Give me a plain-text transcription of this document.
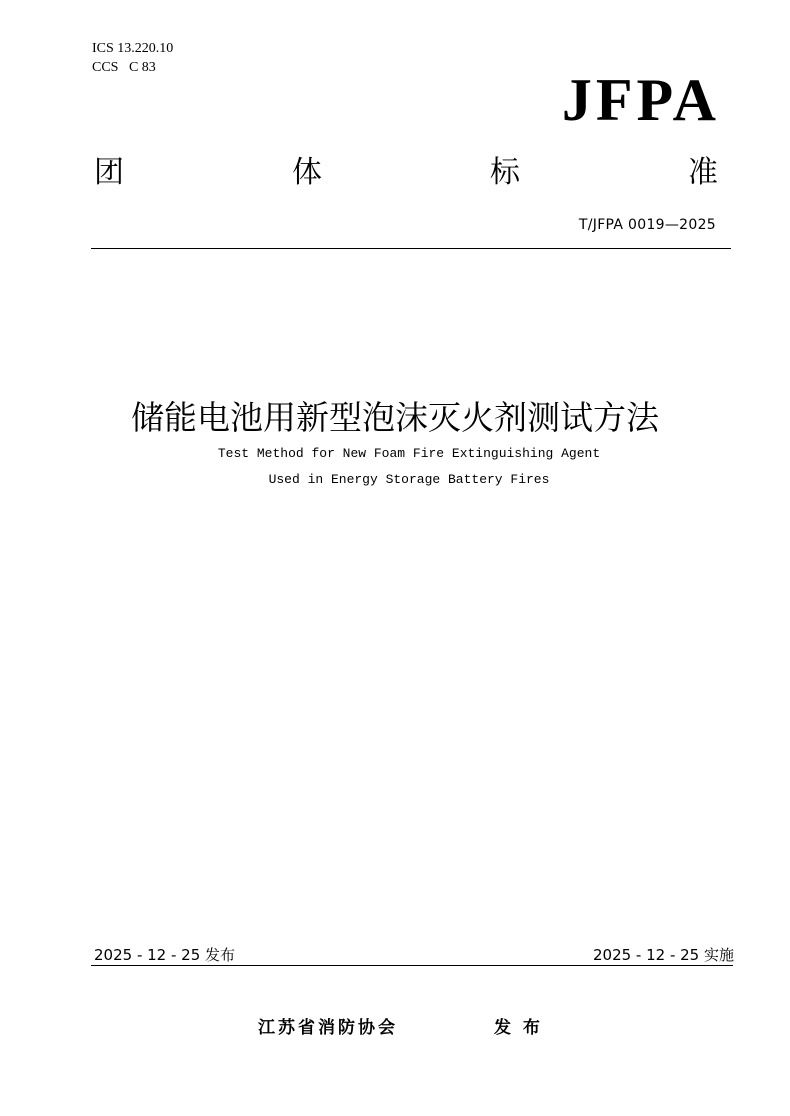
ICS 13.220.10
CCS   C 83	JFPA
团	体	标	准
T/JFPA 0019—2025
储能电池用新型泡沫灭火剂测试方法
Test Method for New Foam Fire Extinguishing Agent
Used in Energy Storage Battery Fires
2025 - 12 - 25 发布	2025 - 12 - 25 实施
江苏省消防协会	发 布
